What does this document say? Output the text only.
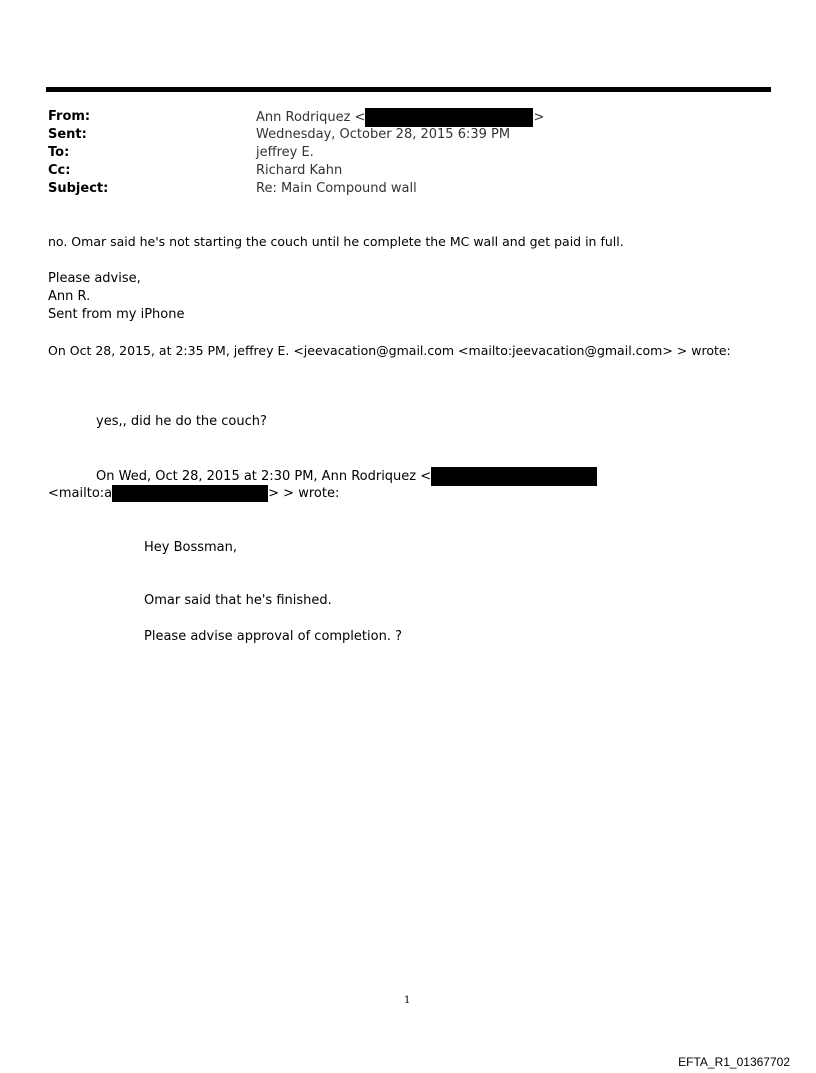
From:	Ann Rodriquez <	>
Sent:	Wednesday, October 28, 2015 6:39 PM
To:	jeffrey E.
Cc:	Richard Kahn
Subject:	Re: Main Compound wall
no. Omar said he's not starting the couch until he complete the MC wall and get paid in full.
Please advise,
Ann R.
Sent from my iPhone
On Oct 28, 2015, at 2:35 PM, jeffrey E. <jeevacation@gmail.com <mailto:jeevacation@gmail.com> > wrote:
yes,, did he do the couch?
On Wed, Oct 28, 2015 at 2:30 PM, Ann Rodriquez <
<mailto:a	> > wrote:
Hey Bossman,
Omar said that he's finished.
Please advise approval of completion. ?
1
EFTA_R1_01367702
